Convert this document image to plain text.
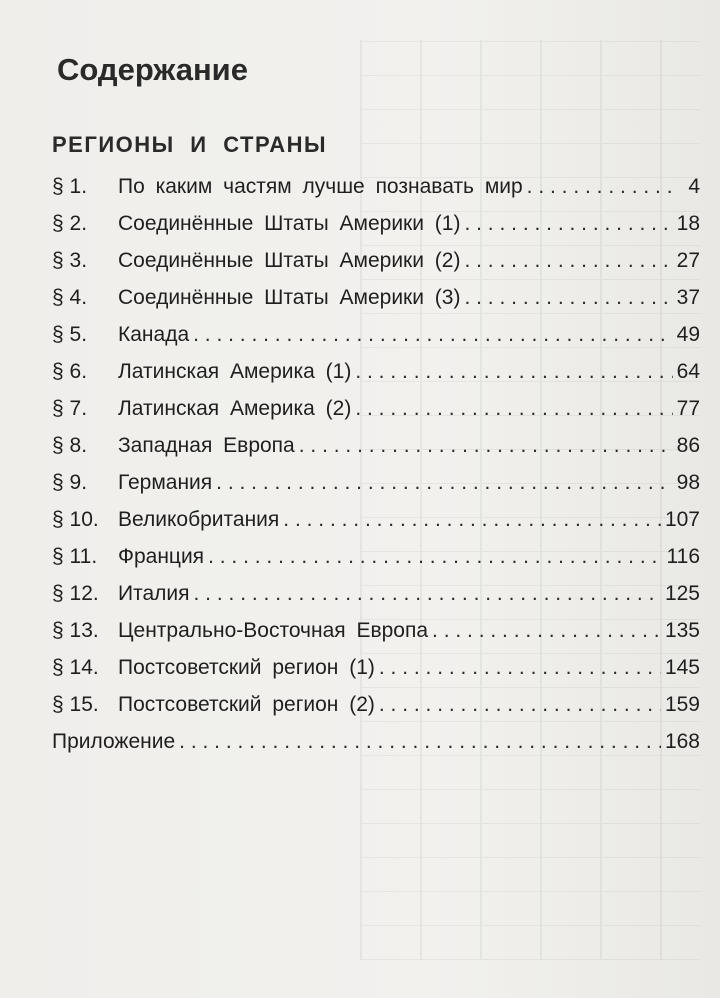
Содержание
РЕГИОНЫ И СТРАНЫ
§ 1.	По каким частям лучше познавать мир . . .	4
§ 2.	Соединённые Штаты Америки (1) . . .	18
§ 3.	Соединённые Штаты Америки (2) . . .	27
§ 4.	Соединённые Штаты Америки (3) . . .	37
§ 5.	Канада . . .	49
§ 6.	Латинская Америка (1) . . .	64
§ 7.	Латинская Америка (2) . . .	77
§ 8.	Западная Европа . . .	86
§ 9.	Германия . . .	98
§ 10. Великобритания . . .	107
§ 11. Франция . . .	116
§ 12. Италия . . .	125
§ 13. Центрально-Восточная Европа . . .	135
§ 14. Постсоветский регион (1) . . .	145
§ 15. Постсоветский регион (2) . . .	159
Приложение . . .	168
